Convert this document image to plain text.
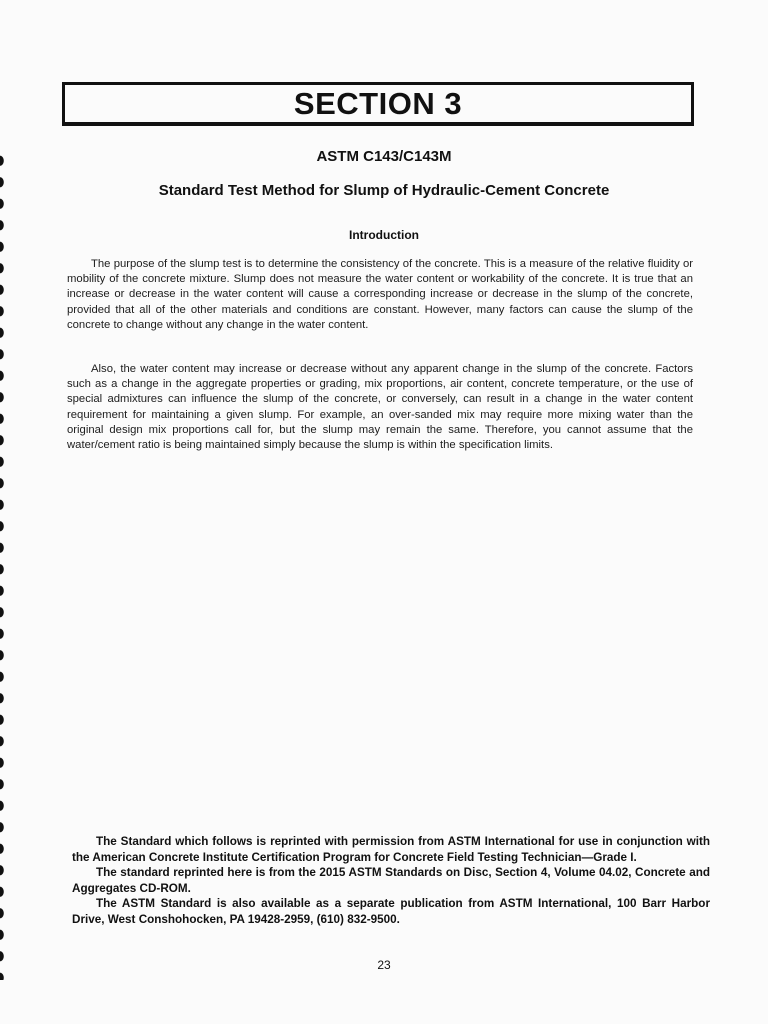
SECTION 3
ASTM C143/C143M
Standard Test Method for Slump of Hydraulic-Cement Concrete
Introduction

The purpose of the slump test is to determine the consistency of the concrete. This is a measure of the relative fluidity or mobility of the concrete mixture. Slump does not measure the water content or workability of the concrete. It is true that an increase or decrease in the water content will cause a corresponding increase or decrease in the slump of the concrete, provided that all of the other materials and conditions are constant. However, many factors can cause the slump of the concrete to change without any change in the water content.

Also, the water content may increase or decrease without any apparent change in the slump of the concrete. Factors such as a change in the aggregate properties or grading, mix proportions, air content, concrete temperature, or the use of special admixtures can influence the slump of the concrete, or conversely, can result in a change in the water content requirement for maintaining a given slump. For example, an over-sanded mix may require more mixing water than the original design mix proportions call for, but the slump may remain the same. Therefore, you cannot assume that the water/cement ratio is being maintained simply because the slump is within the specification limits.

The Standard which follows is reprinted with permission from ASTM International for use in conjunction with the American Concrete Institute Certification Program for Concrete Field Testing Technician—Grade I.

The standard reprinted here is from the 2015 ASTM Standards on Disc, Section 4, Volume 04.02, Concrete and Aggregates CD-ROM.

The ASTM Standard is also available as a separate publication from ASTM International, 100 Barr Harbor Drive, West Conshohocken, PA 19428-2959, (610) 832-9500.

23
